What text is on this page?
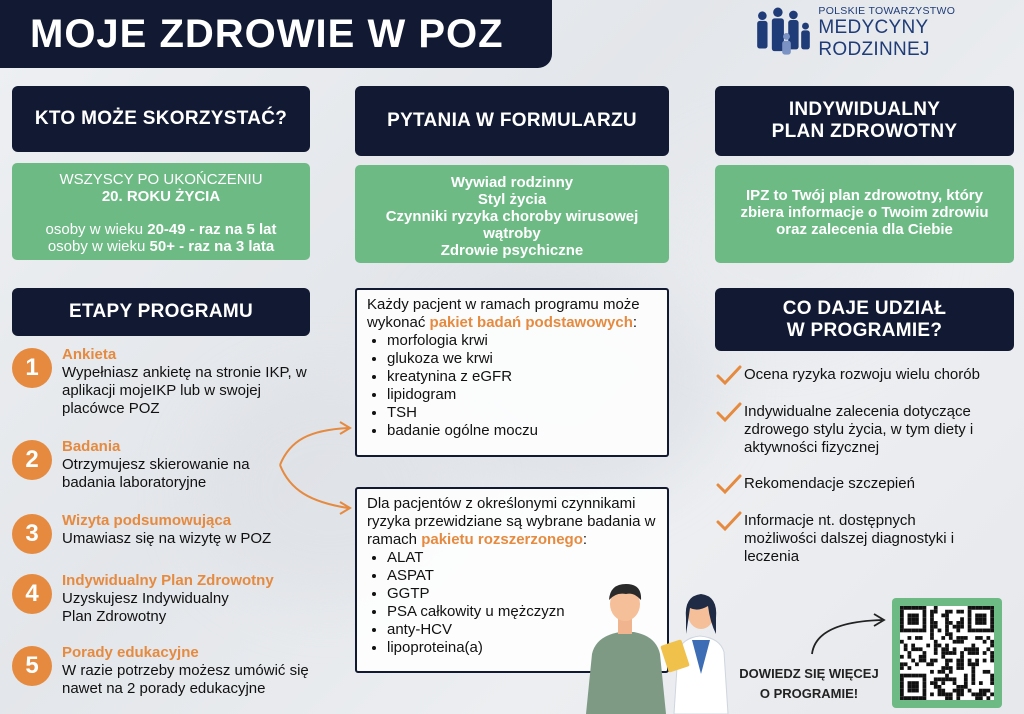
MOJE ZDROWIE W POZ
POLSKIE TOWARZYSTWO
MEDYCYNY RODZINNEJ
KTO MOŻE SKORZYSTAĆ?
WSZYSCY PO UKOŃCZENIU
20. ROKU ŻYCIA
osoby w wieku 20-49 - raz na 5 lat
osoby w wieku 50+ - raz na 3 lata
PYTANIA W FORMULARZU
Wywiad rodzinny
Styl życia
Czynniki ryzyka choroby wirusowej wątroby
Zdrowie psychiczne
INDYWIDUALNY
PLAN ZDROWOTNY
IPZ to Twój plan zdrowotny, który zbiera informacje o Twoim zdrowiu oraz zalecenia dla Ciebie
ETAPY PROGRAMU
1	Ankieta
Wypełniasz ankietę na stronie IKP, w aplikacji mojeIKP lub w swojej placówce POZ
2	Badania
Otrzymujesz skierowanie na badania laboratoryjne
3	Wizyta podsumowująca
Umawiasz się na wizytę w POZ
4	Indywidualny Plan Zdrowotny
Uzyskujesz Indywidualny Plan Zdrowotny
5	Porady edukacyjne
W razie potrzeby możesz umówić się nawet na 2 porady edukacyjne
Każdy pacjent w ramach programu może wykonać pakiet badań podstawowych:
• morfologia krwi
• glukoza we krwi
• kreatynina z eGFR
• lipidogram
• TSH
• badanie ogólne moczu
Dla pacjentów z określonymi czynnikami ryzyka przewidziane są wybrane badania w ramach pakietu rozszerzonego:
• ALAT
• ASPAT
• GGTP
• PSA całkowity u mężczyzn
• anty-HCV
• lipoproteina(a)
CO DAJE UDZIAŁ
W PROGRAMIE?
Ocena ryzyka rozwoju wielu chorób
Indywidualne zalecenia dotyczące zdrowego stylu życia, w tym diety i aktywności fizycznej
Rekomendacje szczepień
Informacje nt. dostępnych możliwości dalszej diagnostyki i leczenia
DOWIEDZ SIĘ WIĘCEJ
O PROGRAMIE!
